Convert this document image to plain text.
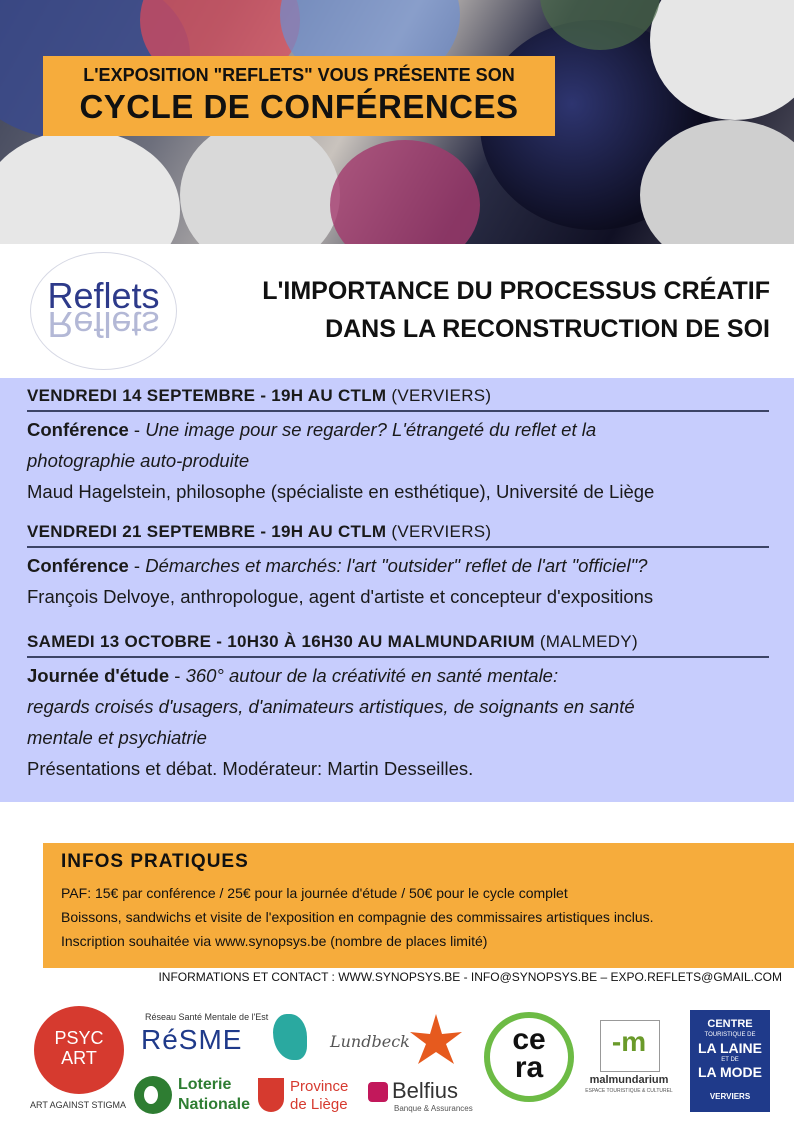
L'EXPOSITION "REFLETS" VOUS PRÉSENTE SON
CYCLE DE CONFÉRENCES
Reflets
Reflets
L'IMPORTANCE DU PROCESSUS CRÉATIF
DANS LA RECONSTRUCTION DE SOI
VENDREDI 14 SEPTEMBRE - 19H AU CTLM (VERVIERS)
Conférence - Une image pour se regarder? L'étrangeté du reflet et la
photographie auto-produite
Maud Hagelstein, philosophe (spécialiste en esthétique), Université de Liège
VENDREDI 21 SEPTEMBRE - 19H AU CTLM (VERVIERS)
Conférence - Démarches et marchés: l'art "outsider" reflet de l'art "officiel"?
François Delvoye, anthropologue, agent d'artiste et concepteur d'expositions
SAMEDI 13 OCTOBRE - 10H30 À 16H30 AU MALMUNDARIUM (MALMEDY)
Journée d'étude - 360° autour de la créativité en santé mentale:
regards croisés d'usagers, d'animateurs artistiques, de soignants en santé
mentale et psychiatrie
Présentations et débat. Modérateur: Martin Desseilles.
INFOS PRATIQUES
PAF: 15€ par conférence / 25€ pour la journée d'étude / 50€ pour le cycle complet
Boissons, sandwichs et visite de l'exposition en compagnie des commissaires artistiques inclus.
Inscription souhaitée via www.synopsys.be (nombre de places limité)
INFORMATIONS ET CONTACT : WWW.SYNOPSYS.BE - INFO@SYNOPSYS.BE – EXPO.REFLETS@GMAIL.COM
PSYC
ART
ART AGAINST STIGMA
Réseau Santé Mentale de l'Est
RéSME	Lundbeck	ce
ra
-m
malmundarium
ESPACE TOURISTIQUE & CULTUREL
CENTRE
TOURISTIQUE DE
LA LAINE
ET DE
LA MODE
VERVIERS
Loterie
Nationale
Province
de Liège
Belfius
Banque & Assurances
